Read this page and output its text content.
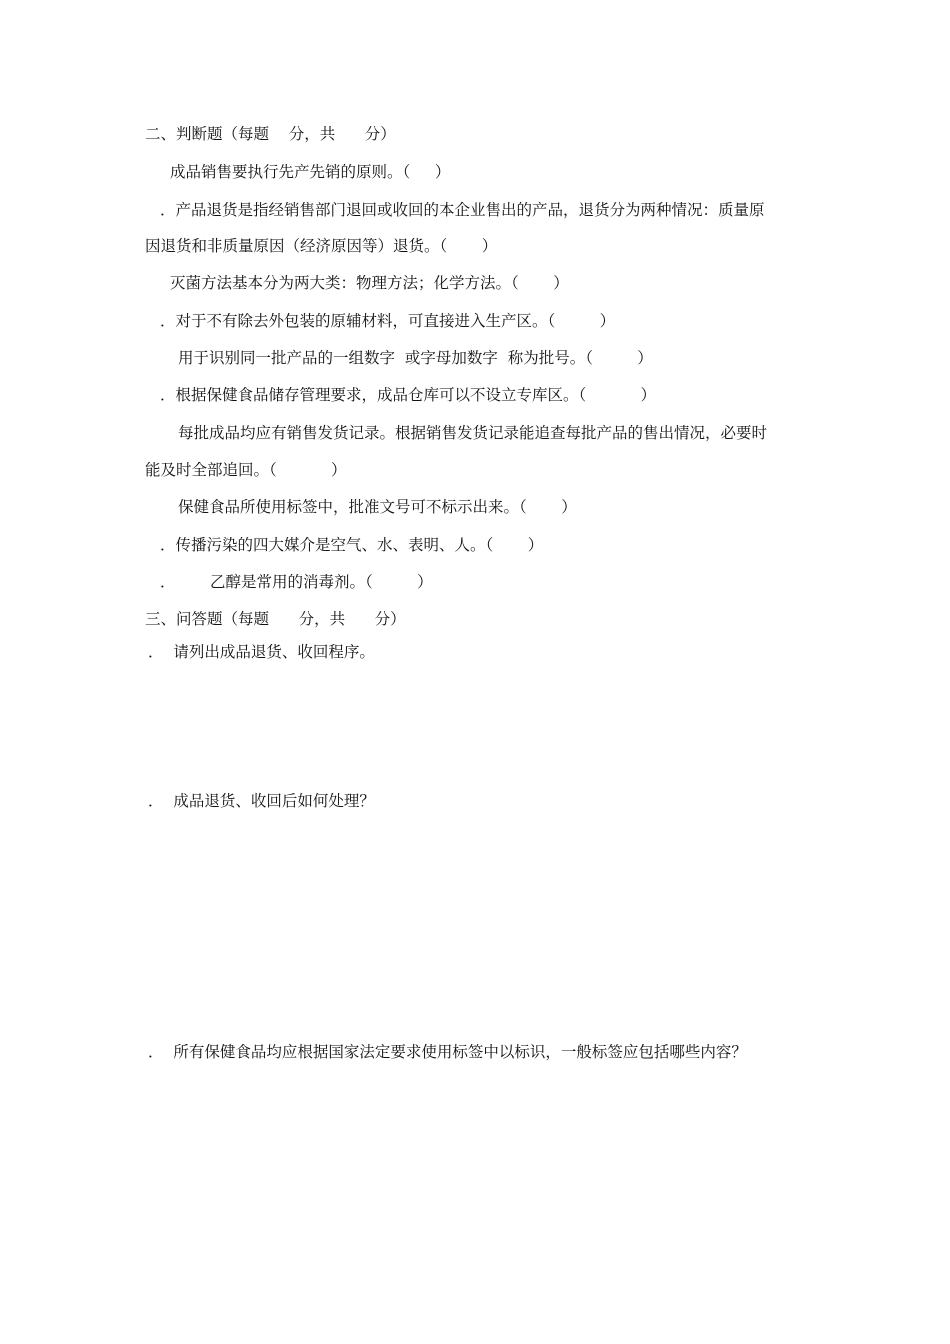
二、判断题（每题    分，共      分）
成品销售要执行先产先销的原则。（     ）
．产品退货是指经销售部门退回或收回的本企业售出的产品，退货分为两种情况：质量原
因退货和非质量原因（经济原因等）退货。（       ）
灭菌方法基本分为两大类：物理方法；化学方法。（       ）
．对于不有除去外包装的原辅材料，可直接进入生产区。（         ）
用于识别同一批产品的一组数字  或字母加数字  称为批号。（         ）
．根据保健食品储存管理要求，成品仓库可以不设立专库区。（           ）
每批成品均应有销售发货记录。根据销售发货记录能追查每批产品的售出情况，必要时
能及时全部追回。（           ）
保健食品所使用标签中，批准文号可不标示出来。（       ）
．传播污染的四大媒介是空气、水、表明、人。（       ）
．       乙醇是常用的消毒剂。（         ）
三、问答题（每题      分，共      分）
．  请列出成品退货、收回程序。
．  成品退货、收回后如何处理？
．  所有保健食品均应根据国家法定要求使用标签中以标识，一般标签应包括哪些内容？
